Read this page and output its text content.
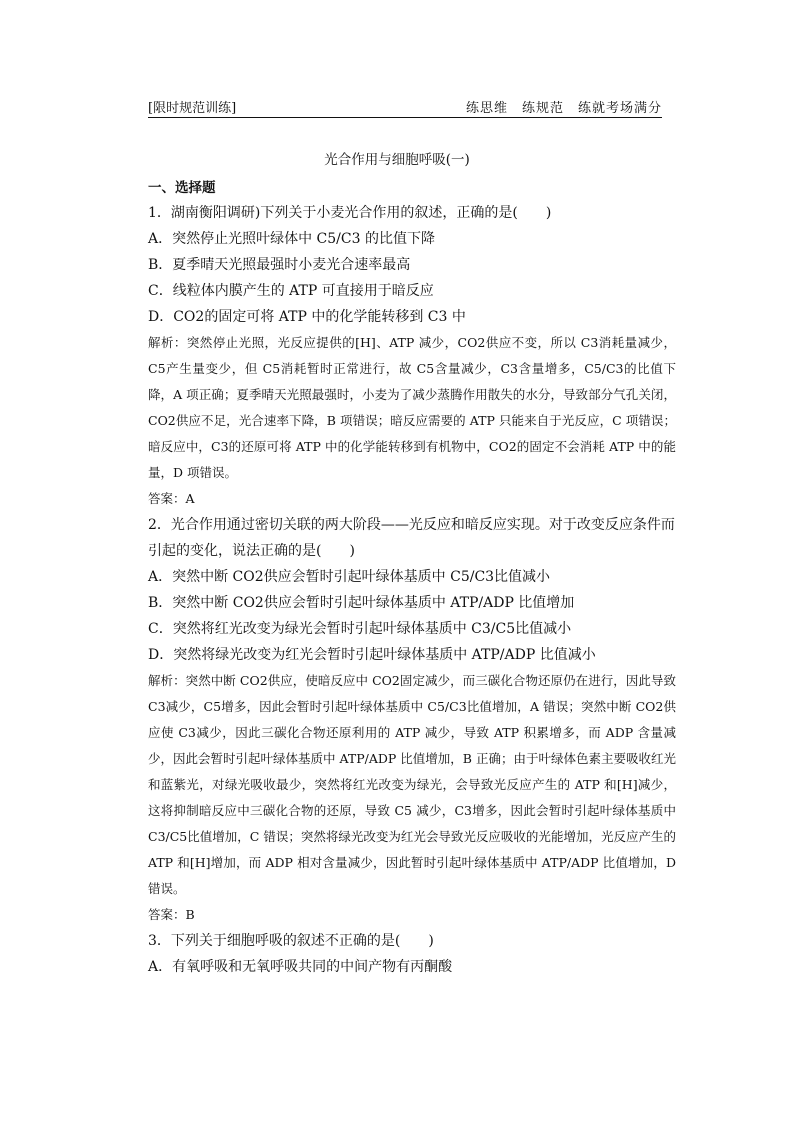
[限时规范训练]	练思维　练规范　练就考场满分
光合作用与细胞呼吸(一)
一、选择题
1．湖南衡阳调研)下列关于小麦光合作用的叙述，正确的是(　　)
A．突然停止光照叶绿体中 C5/C3 的比值下降
B．夏季晴天光照最强时小麦光合速率最高
C．线粒体内膜产生的 ATP 可直接用于暗反应
D．CO2的固定可将 ATP 中的化学能转移到 C3 中
解析：突然停止光照，光反应提供的[H]、ATP 减少，CO2供应不变，所以 C3消耗量减少，C5产生量变少，但 C5消耗暂时正常进行，故 C5含量减少，C3含量增多，C5/C3的比值下降，A 项正确；夏季晴天光照最强时，小麦为了减少蒸腾作用散失的水分，导致部分气孔关闭，CO2供应不足，光合速率下降，B 项错误；暗反应需要的 ATP 只能来自于光反应，C 项错误；暗反应中，C3的还原可将 ATP 中的化学能转移到有机物中，CO2的固定不会消耗 ATP 中的能量，D 项错误。
答案：A
2．光合作用通过密切关联的两大阶段——光反应和暗反应实现。对于改变反应条件而引起的变化，说法正确的是(　　)
A．突然中断 CO2供应会暂时引起叶绿体基质中 C5/C3比值减小
B．突然中断 CO2供应会暂时引起叶绿体基质中 ATP/ADP 比值增加
C．突然将红光改变为绿光会暂时引起叶绿体基质中 C3/C5比值减小
D．突然将绿光改变为红光会暂时引起叶绿体基质中 ATP/ADP 比值减小
解析：突然中断 CO2供应，使暗反应中 CO2固定减少，而三碳化合物还原仍在进行，因此导致 C3减少，C5增多，因此会暂时引起叶绿体基质中 C5/C3比值增加，A 错误；突然中断 CO2供应使 C3减少，因此三碳化合物还原利用的 ATP 减少，导致 ATP 积累增多，而 ADP 含量减少，因此会暂时引起叶绿体基质中 ATP/ADP 比值增加，B 正确；由于叶绿体色素主要吸收红光和蓝紫光，对绿光吸收最少，突然将红光改变为绿光，会导致光反应产生的 ATP 和[H]减少，这将抑制暗反应中三碳化合物的还原，导致 C5 减少，C3增多，因此会暂时引起叶绿体基质中 C3/C5比值增加，C 错误；突然将绿光改变为红光会导致光反应吸收的光能增加，光反应产生的 ATP 和[H]增加，而 ADP 相对含量减少，因此暂时引起叶绿体基质中 ATP/ADP 比值增加，D 错误。
答案：B
3．下列关于细胞呼吸的叙述不正确的是(　　)
A．有氧呼吸和无氧呼吸共同的中间产物有丙酮酸
